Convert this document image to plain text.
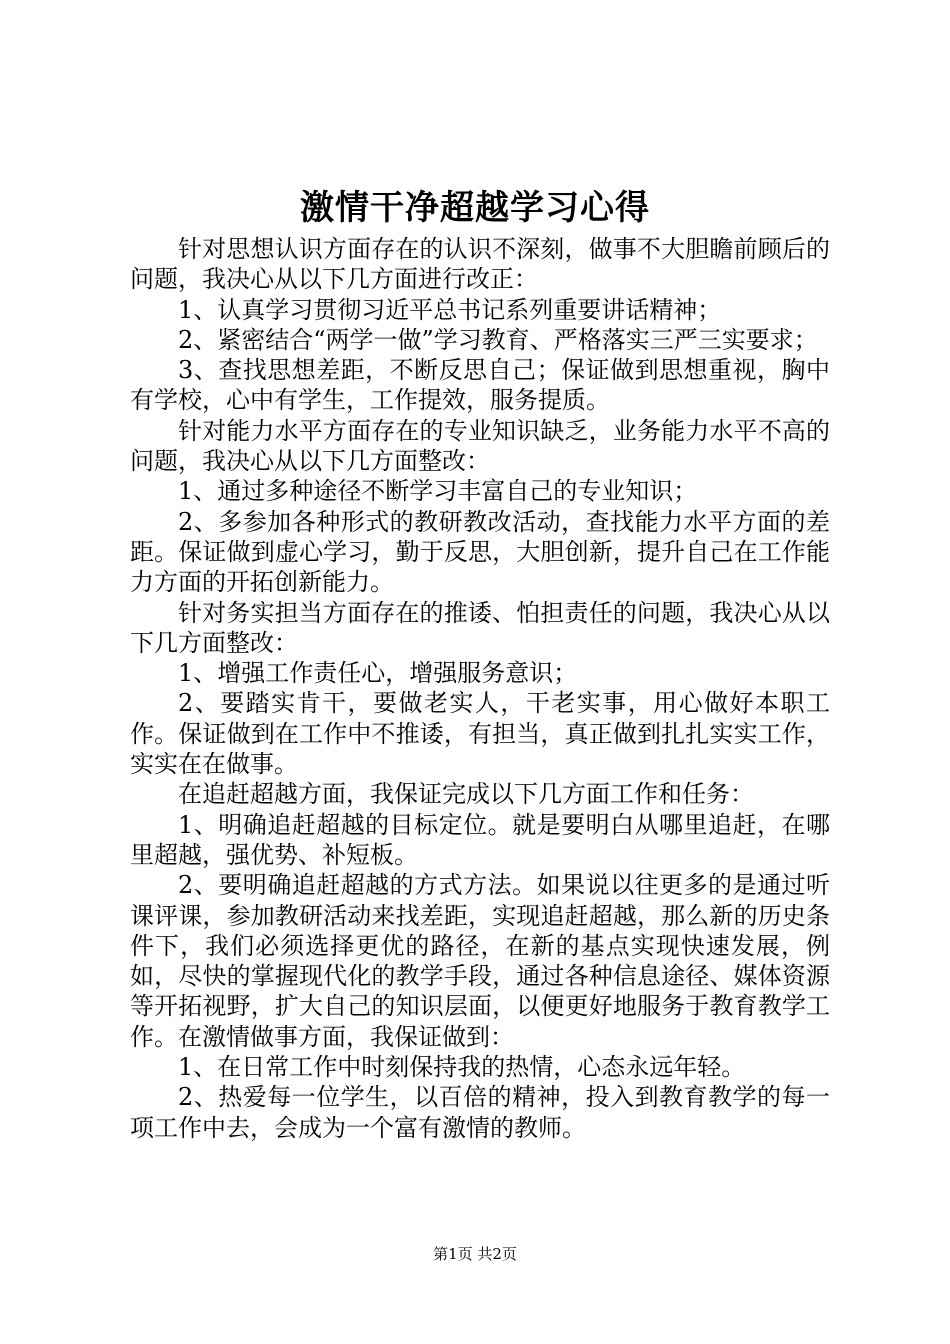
激情干净超越学习心得

针对思想认识方面存在的认识不深刻，做事不大胆瞻前顾后的问题，我决心从以下几方面进行改正：

1、认真学习贯彻习近平总书记系列重要讲话精神；

2、紧密结合“两学一做”学习教育、严格落实三严三实要求；

3、查找思想差距，不断反思自己；保证做到思想重视，胸中有学校，心中有学生，工作提效，服务提质。

针对能力水平方面存在的专业知识缺乏，业务能力水平不高的问题，我决心从以下几方面整改：

1、通过多种途径不断学习丰富自己的专业知识；

2、多参加各种形式的教研教改活动，查找能力水平方面的差距。保证做到虚心学习，勤于反思，大胆创新，提升自己在工作能力方面的开拓创新能力。

针对务实担当方面存在的推诿、怕担责任的问题，我决心从以下几方面整改：

1、增强工作责任心，增强服务意识；

2、要踏实肯干，要做老实人，干老实事，用心做好本职工作。保证做到在工作中不推诿，有担当，真正做到扎扎实实工作，实实在在做事。

在追赶超越方面，我保证完成以下几方面工作和任务：

1、明确追赶超越的目标定位。就是要明白从哪里追赶，在哪里超越，强优势、补短板。

2、要明确追赶超越的方式方法。如果说以往更多的是通过听课评课，参加教研活动来找差距，实现追赶超越，那么新的历史条件下，我们必须选择更优的路径，在新的基点实现快速发展，例如，尽快的掌握现代化的教学手段，通过各种信息途径、媒体资源等开拓视野，扩大自己的知识层面，以便更好地服务于教育教学工作。在激情做事方面，我保证做到：

1、在日常工作中时刻保持我的热情，心态永远年轻。

2、热爱每一位学生，以百倍的精神，投入到教育教学的每一项工作中去，会成为一个富有激情的教师。

第1页 共2页
